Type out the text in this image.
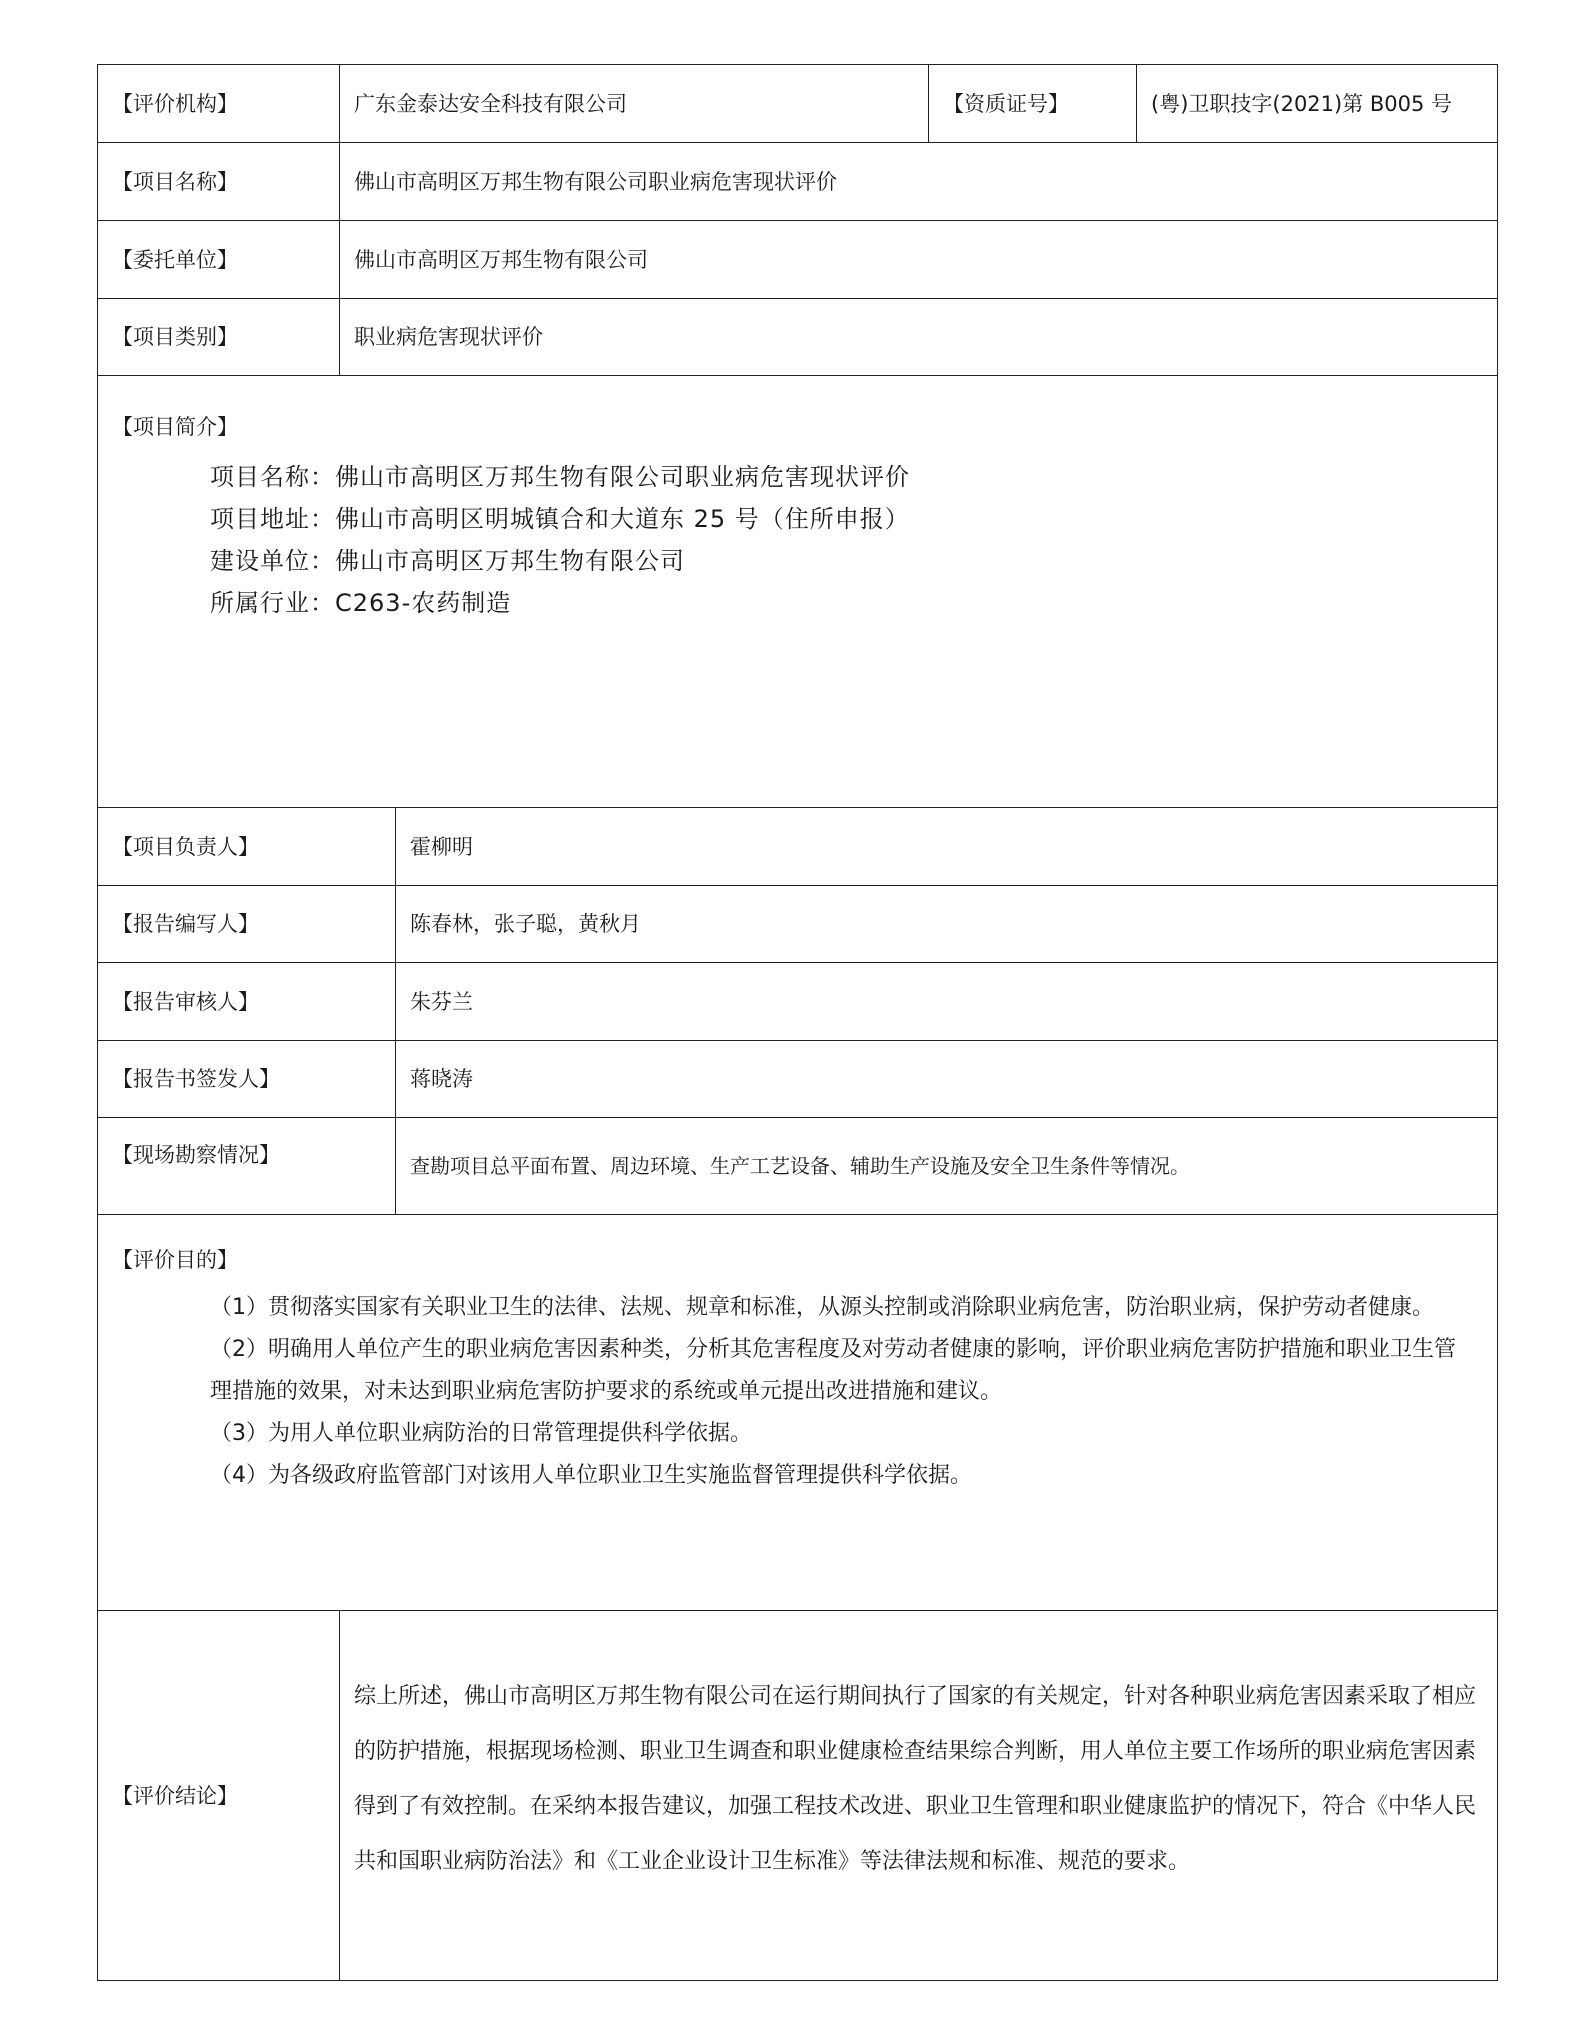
【评价机构】	广东金泰达安全科技有限公司		【资质证号】	(粤)卫职技字(2021)第 B005 号
【项目名称】	佛山市高明区万邦生物有限公司职业病危害现状评价			
【委托单位】	佛山市高明区万邦生物有限公司			
【项目类别】	职业病危害现状评价			

【项目简介】
项目名称：佛山市高明区万邦生物有限公司职业病危害现状评价
项目地址：佛山市高明区明城镇合和大道东 25 号（住所申报）
建设单位：佛山市高明区万邦生物有限公司
所属行业：C263-农药制造				

【项目负责人】		霍柳明		
【报告编写人】		陈春林，张子聪，黄秋月		
【报告审核人】		朱芬兰		
【报告书签发人】		蒋晓涛		
【现场勘察情况】		查勘项目总平面布置、周边环境、生产工艺设备、辅助生产设施及安全卫生条件等情况。		

【评价目的】

（1）贯彻落实国家有关职业卫生的法律、法规、规章和标准，从源头控制或消除职业病危害，防治职业病，保护劳动者健康。

（2）明确用人单位产生的职业病危害因素种类，分析其危害程度及对劳动者健康的影响，评价职业病危害防护措施和职业卫生管理措施的效果，对未达到职业病危害防护要求的系统或单元提出改进措施和建议。

（3）为用人单位职业病防治的日常管理提供科学依据。

（4）为各级政府监管部门对该用人单位职业卫生实施监督管理提供科学依据。				

【评价结论】	综上所述，佛山市高明区万邦生物有限公司在运行期间执行了国家的有关规定，针对各种职业病危害因素采取了相应的防护措施，根据现场检测、职业卫生调查和职业健康检查结果综合判断，用人单位主要工作场所的职业病危害因素得到了有效控制。在采纳本报告建议，加强工程技术改进、职业卫生管理和职业健康监护的情况下，符合《中华人民共和国职业病防治法》和《工业企业设计卫生标准》等法律法规和标准、规范的要求。			
